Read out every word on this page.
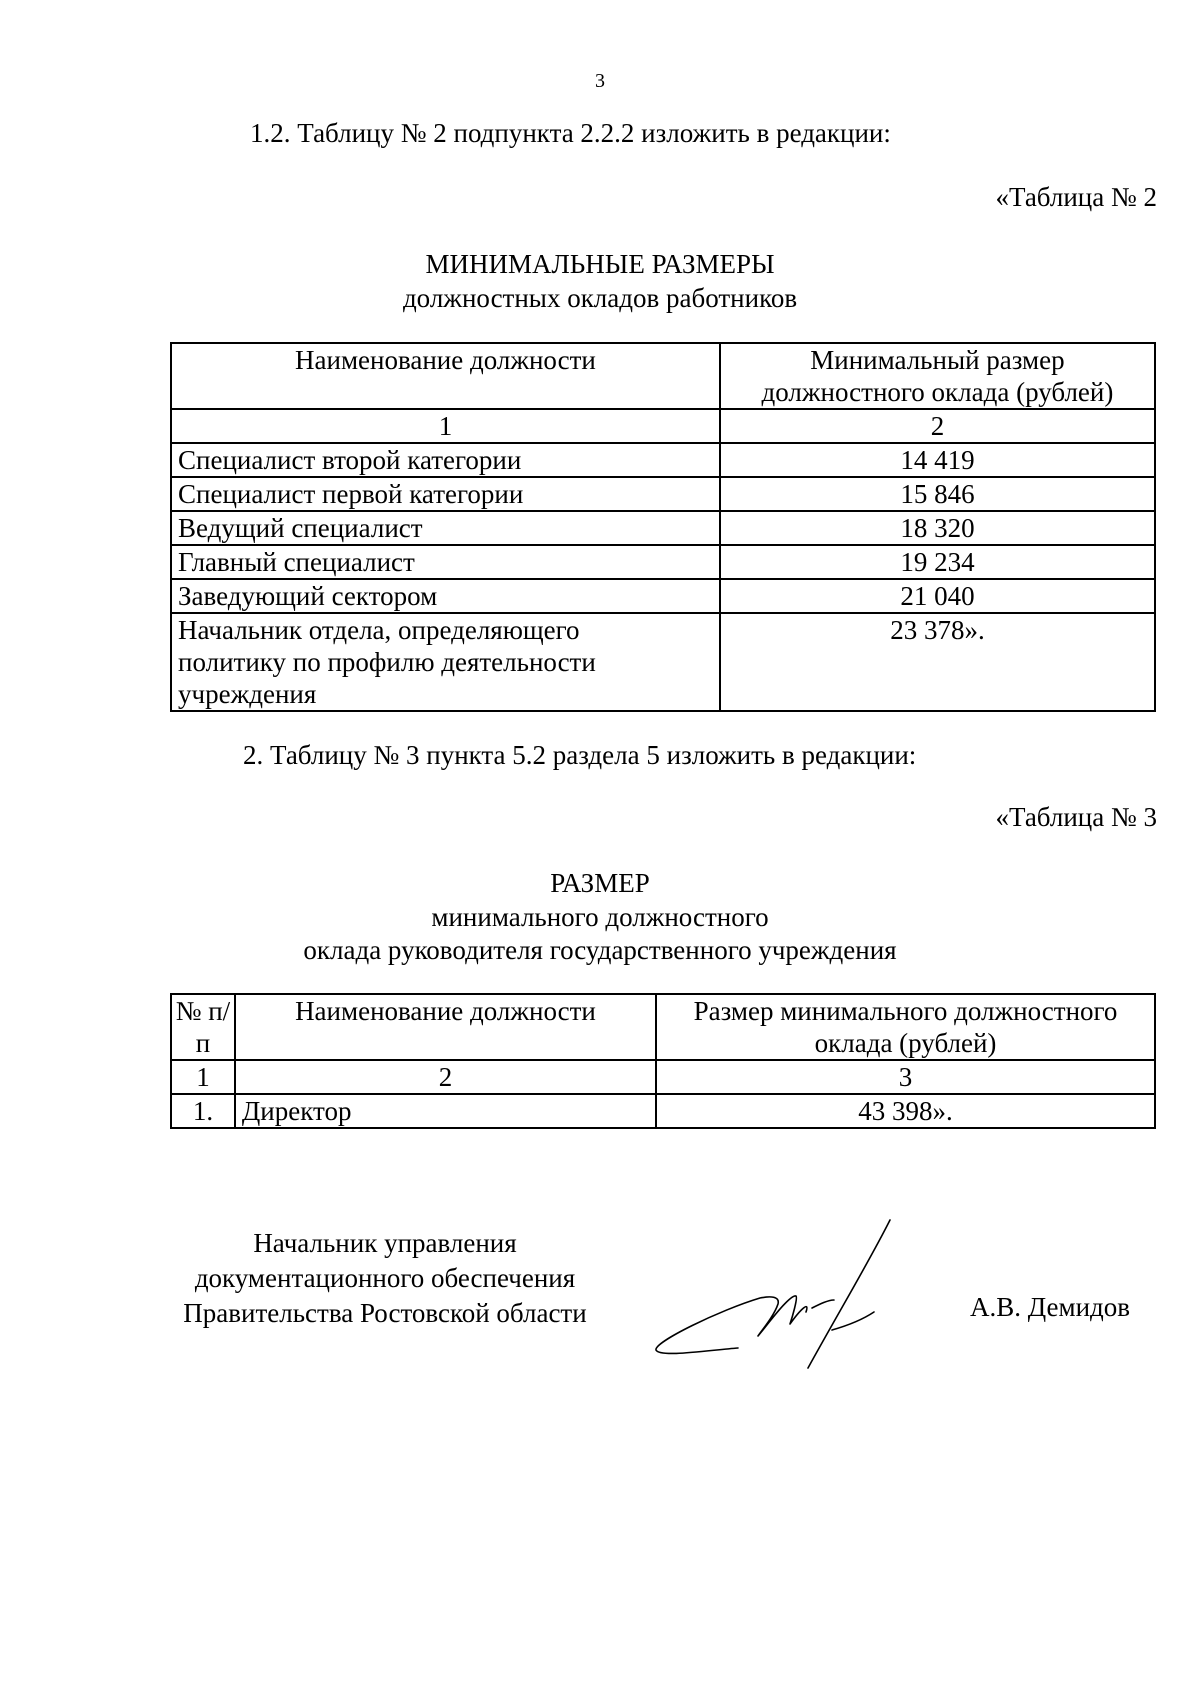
3
1.2. Таблицу № 2 подпункта 2.2.2 изложить в редакции:
«Таблица № 2
МИНИМАЛЬНЫЕ РАЗМЕРЫ
должностных окладов работников
Наименование должности	Минимальный размер должностного оклада (рублей)
1	2
Специалист второй категории	14 419
Специалист первой категории	15 846
Ведущий специалист	18 320
Главный специалист	19 234
Заведующий сектором	21 040
Начальник отдела, определяющего политику по профилю деятельности учреждения	23 378».
2. Таблицу № 3 пункта 5.2 раздела 5 изложить в редакции:
«Таблица № 3
РАЗМЕР
минимального должностного
оклада руководителя государственного учреждения
№ п/п	Наименование должности	Размер минимального должностного оклада (рублей)
1	2	3
1.	Директор	43 398».
Начальник управления
документационного обеспечения
Правительства Ростовской области	А.В. Демидов
